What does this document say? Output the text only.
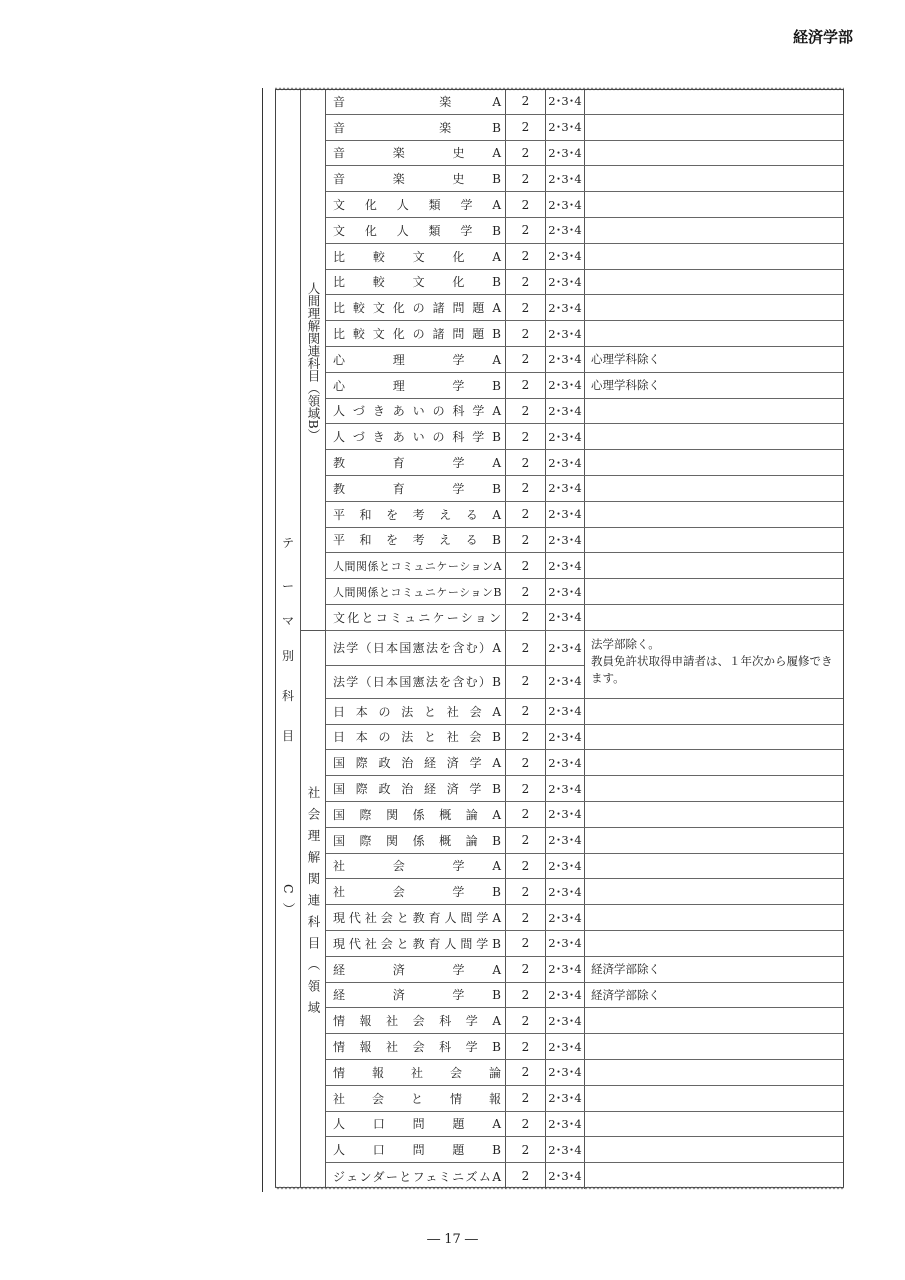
経済学部
テ
ー
マ
別
科
目
人間理解関連科目（領域B）
社会理解関連科目（領域C）
音　　　楽　A	2	2･3･4
音　　　楽　B	2	2･3･4
音　　楽　　史　A	2	2･3･4
音　　楽　　史　B	2	2･3･4
文化人類学A	2	2･3･4
文化人類学B	2	2･3･4
比　較　文　化　A	2	2･3･4
比　較　文　化　B	2	2･3･4
比較文化の諸問題A	2	2･3･4
比較文化の諸問題B	2	2･3･4
心　　理　　学　A	2	2･3･4 心理学科除く
心　　理　　学　B	2	2･3･4 心理学科除く
人づきあいの科学A	2	2･3･4
人づきあいの科学B	2	2･3･4
教　　育　　学　A	2	2･3･4
教　　育　　学　B	2	2･3･4
平和を考えるA	2	2･3･4
平和を考えるB	2	2･3･4
人間関係とコミュニケーションA	2	2･3･4
人間関係とコミュニケーションB	2	2･3･4
文化とコミュニケーション	2	2･3･4
法学（日本国憲法を含む）A	2	2･3･4 法学部除く。
教員免許状取得申請者は、１年次から履修できます。
法学（日本国憲法を含む）B	2	2･3･4
日本の法と社会A	2	2･3･4
日本の法と社会B	2	2･3･4
国際政治経済学A	2	2･3･4
国際政治経済学B	2	2･3･4
国際関係概論A	2	2･3･4
国際関係概論B	2	2･3･4
社　　会　　学　A	2	2･3･4
社　　会　　学　B	2	2･3･4
現代社会と教育人間学A	2	2･3･4
現代社会と教育人間学B	2	2･3･4
経　　済　　学　A	2	2･3･4 経済学部除く
経　　済　　学　B	2	2･3･4 経済学部除く
情報社会科学A	2	2･3･4
情報社会科学B	2	2･3･4
情報社会論	2	2･3･4
社会と情報	2	2･3･4
人　口　問　題　A	2	2･3･4
人　口　問　題　B	2	2･3･4
ジェンダーとフェミニズムA	2	2･3･4
― 17 ―
